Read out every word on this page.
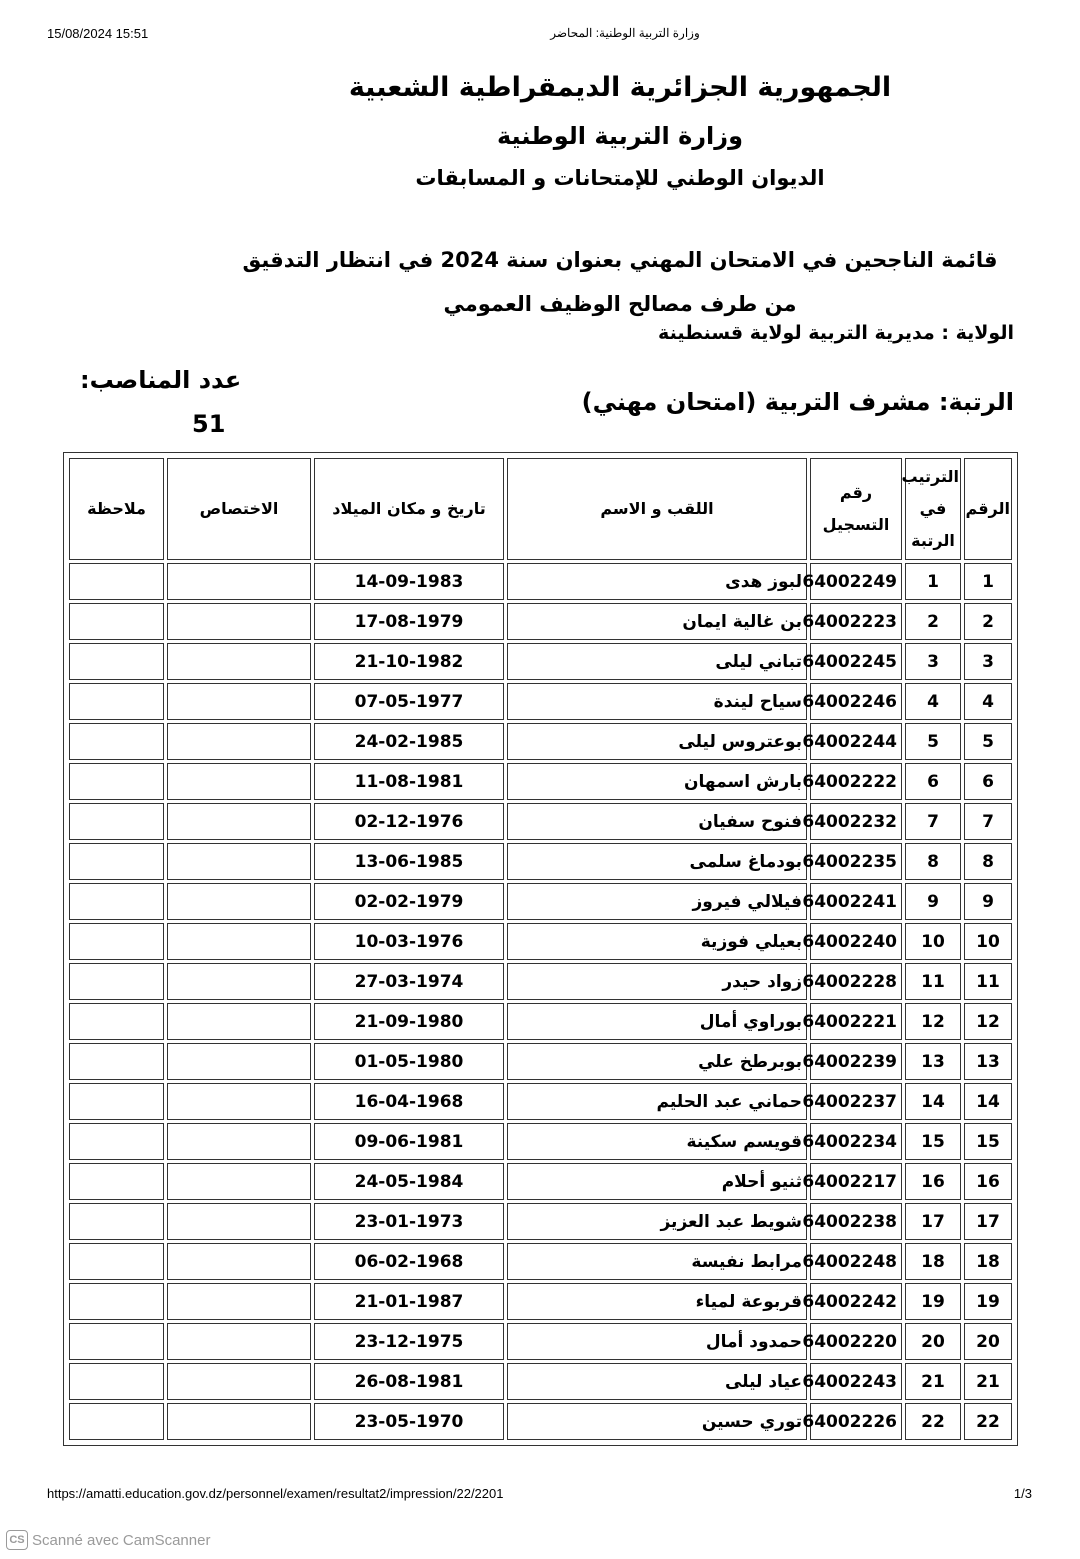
15/08/2024 15:51	وزارة التربية الوطنية: المحاضر
الجمهورية الجزائرية الديمقراطية الشعبية
وزارة التربية الوطنية
الديوان الوطني للإمتحانات و المسابقات
قائمة الناجحين في الامتحان المهني بعنوان سنة 2024 في انتظار التدقيق من طرف مصالح الوظيف العمومي
الولاية : مديرية التربية لولاية قسنطينة
الرتبة: مشرف التربية (امتحان مهني)
عدد المناصب:
51
الرقم	الترتيب في الرتبة	رقم التسجيل	اللقب و الاسم	تاريخ و مكان الميلاد	الاختصاص	ملاحظة
1	1	64002249	لبوز هدى	14-09-1983		
2	2	64002223	بن غالية ايمان	17-08-1979		
3	3	64002245	تباني ليلى	21-10-1982		
4	4	64002246	سياح ليندة	07-05-1977		
5	5	64002244	بوعتروس ليلى	24-02-1985		
6	6	64002222	بارش اسمهان	11-08-1981		
7	7	64002232	فنوح سفيان	02-12-1976		
8	8	64002235	بودماغ سلمى	13-06-1985		
9	9	64002241	فيلالي فيروز	02-02-1979		
10	10	64002240	بعيلي فوزية	10-03-1976		
11	11	64002228	زواد حيدر	27-03-1974		
12	12	64002221	بوراوي أمال	21-09-1980		
13	13	64002239	بوبرطخ علي	01-05-1980		
14	14	64002237	حماني عبد الحليم	16-04-1968		
15	15	64002234	قويسم سكينة	09-06-1981		
16	16	64002217	ثنيو أحلام	24-05-1984		
17	17	64002238	شويط عبد العزيز	23-01-1973		
18	18	64002248	مرابط نفيسة	06-02-1968		
19	19	64002242	قربوعة لمياء	21-01-1987		
20	20	64002220	حمدود أمال	23-12-1975		
21	21	64002243	عياد ليلى	26-08-1981		
22	22	64002226	توري حسين	23-05-1970		
https://amatti.education.gov.dz/personnel/examen/resultat2/impression/22/2201	1/3
CS Scanné avec CamScanner
